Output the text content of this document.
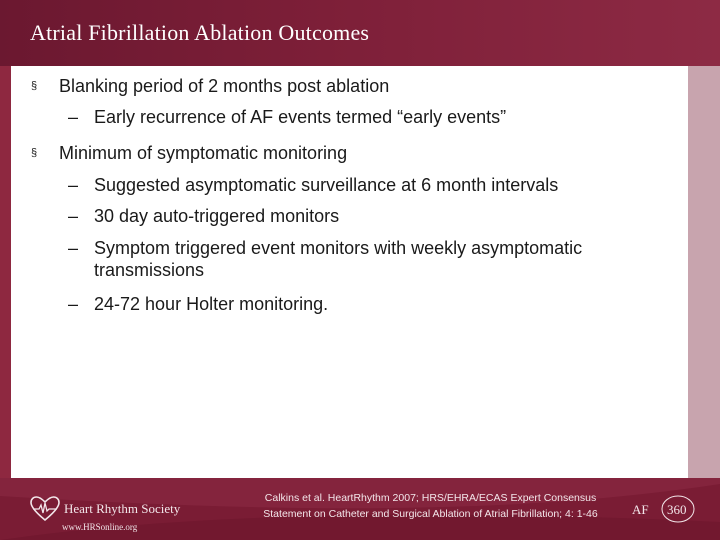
Atrial Fibrillation Ablation Outcomes
§	Blanking period of 2 months post ablation
– Early recurrence of AF events termed “early events”
§	Minimum of symptomatic monitoring
– Suggested asymptomatic surveillance at 6 month intervals
– 30 day auto-triggered monitors
– Symptom triggered event monitors with weekly asymptomatic transmissions
– 24-72 hour Holter monitoring.
Heart Rhythm Society
www.HRSonline.org

Calkins et al. HeartRhythm 2007; HRS/EHRA/ECAS Expert Consensus
Statement on Catheter and Surgical Ablation of Atrial Fibrillation; 4: 1-46	AF 360
